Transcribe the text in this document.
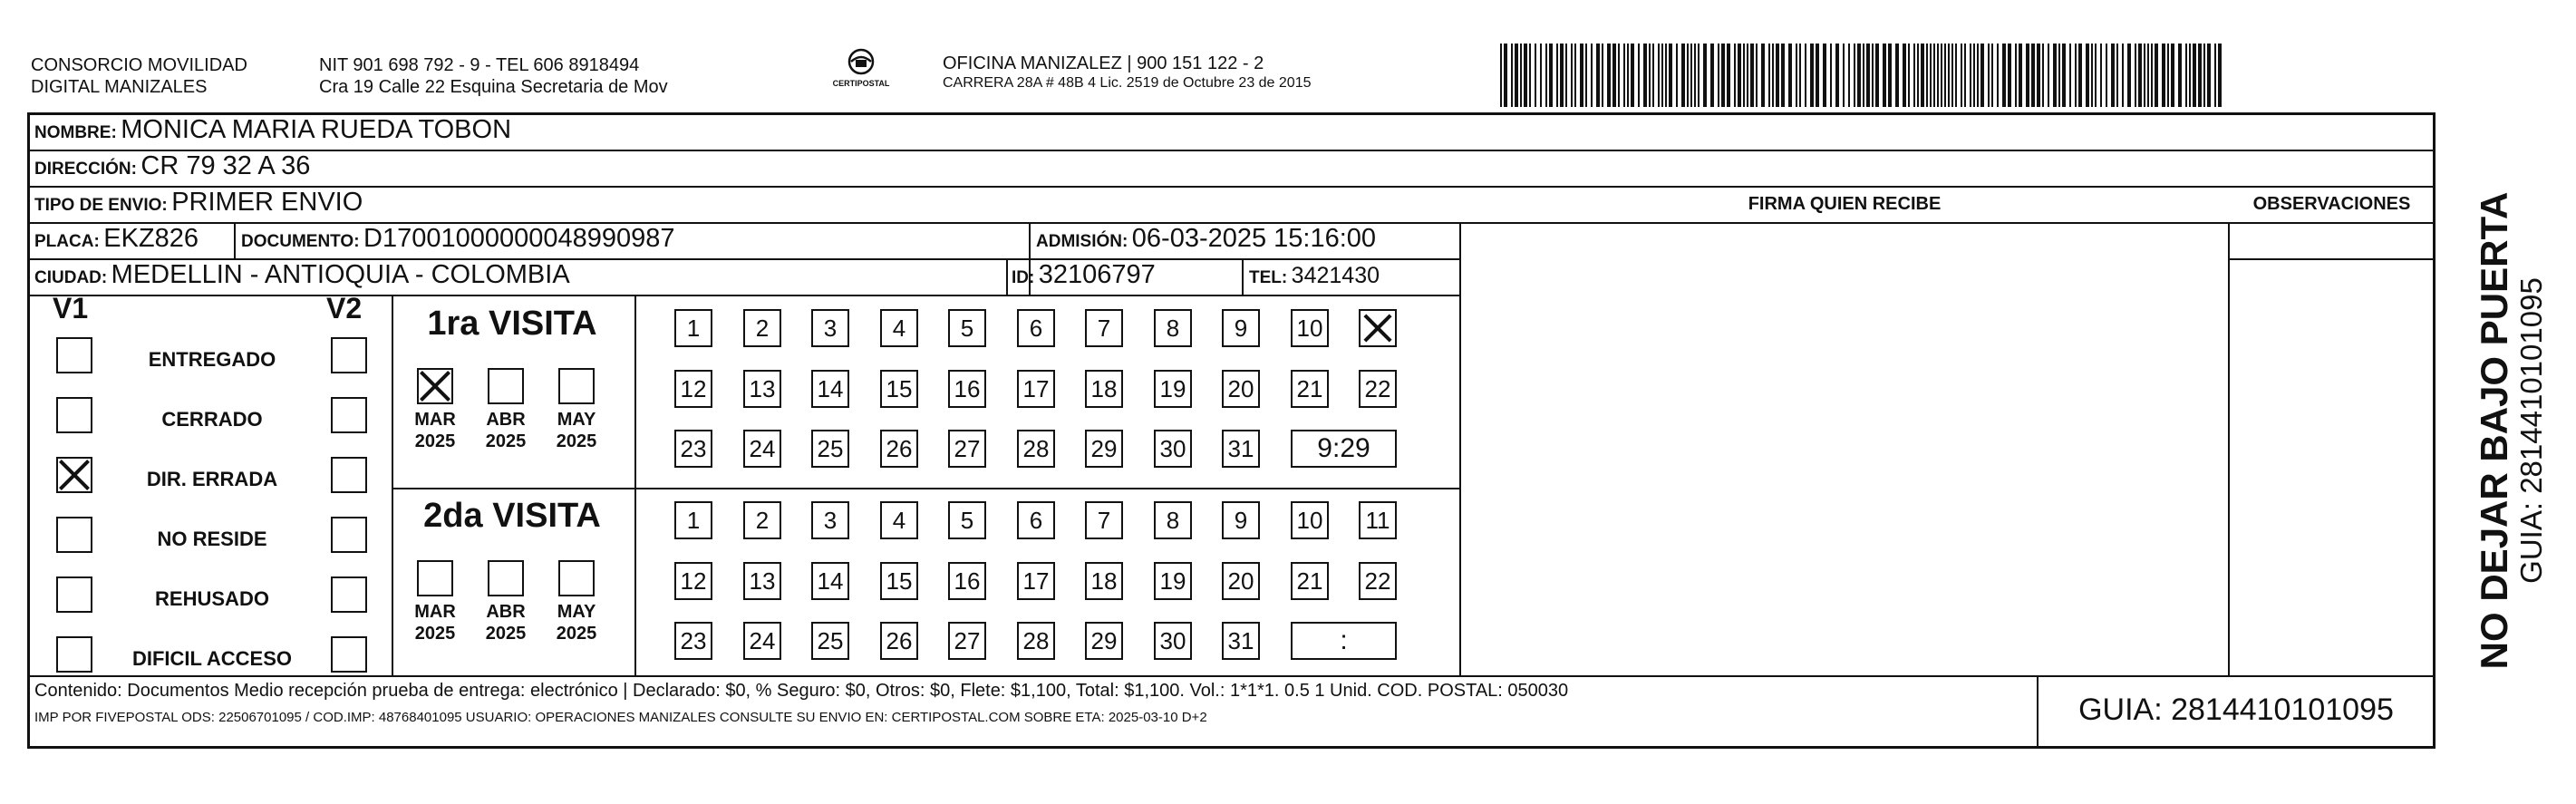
CONSORCIO MOVILIDAD
DIGITAL MANIZALES
NIT 901 698 792 - 9 - TEL 606 8918494
Cra 19 Calle 22 Esquina Secretaria de Mov	CERTIPOSTAL
OFICINA MANIZALEZ | 900 151 122 - 2
CARRERA 28A # 48B 4 Lic. 2519 de Octubre 23 de 2015
NOMBRE: MONICA MARIA RUEDA TOBON
DIRECCIÓN: CR 79 32 A 36
TIPO DE ENVIO: PRIMER ENVIO	FIRMA QUIEN RECIBE	OBSERVACIONES
PLACA: EKZ826 DOCUMENTO: D17001000000048990987	ADMISIÓN: 06-03-2025 15:16:00
CIUDAD: MEDELLIN - ANTIOQUIA - COLOMBIA	ID: 32106797	TEL: 3421430
V1	V2
ENTREGADO
CERRADO
DIR. ERRADA
NO RESIDE
REHUSADO
DIFICIL ACCESO
1ra VISITA
MAR
2025
ABR
2025
MAY
2025
1	2	3	4	5	6	7	8	9	10
12 13 14 15 16 17 18 19 20 21 22
23 24 25 26 27 28 29 30 31	9:29
2da VISITA
MAR
2025
ABR
2025
MAY
2025
1	2	3	4	5	6	7	8	9	10 11
12 13 14 15 16 17 18 19 20 21 22
23 24 25 26 27 28 29 30 31	:
Contenido: Documentos Medio recepción prueba de entrega: electrónico | Declarado: $0, % Seguro: $0, Otros: $0, Flete: $1,100, Total: $1,100. Vol.: 1*1*1. 0.5 1 Unid. COD. POSTAL: 050030
IMP POR FIVEPOSTAL ODS: 22506701095 / COD.IMP: 48768401095 USUARIO: OPERACIONES MANIZALES CONSULTE SU ENVIO EN: CERTIPOSTAL.COM SOBRE ETA: 2025-03-10 D+2	GUIA: 2814410101095
NO DEJAR BAJO PUERTA GUIA: 2814410101095
